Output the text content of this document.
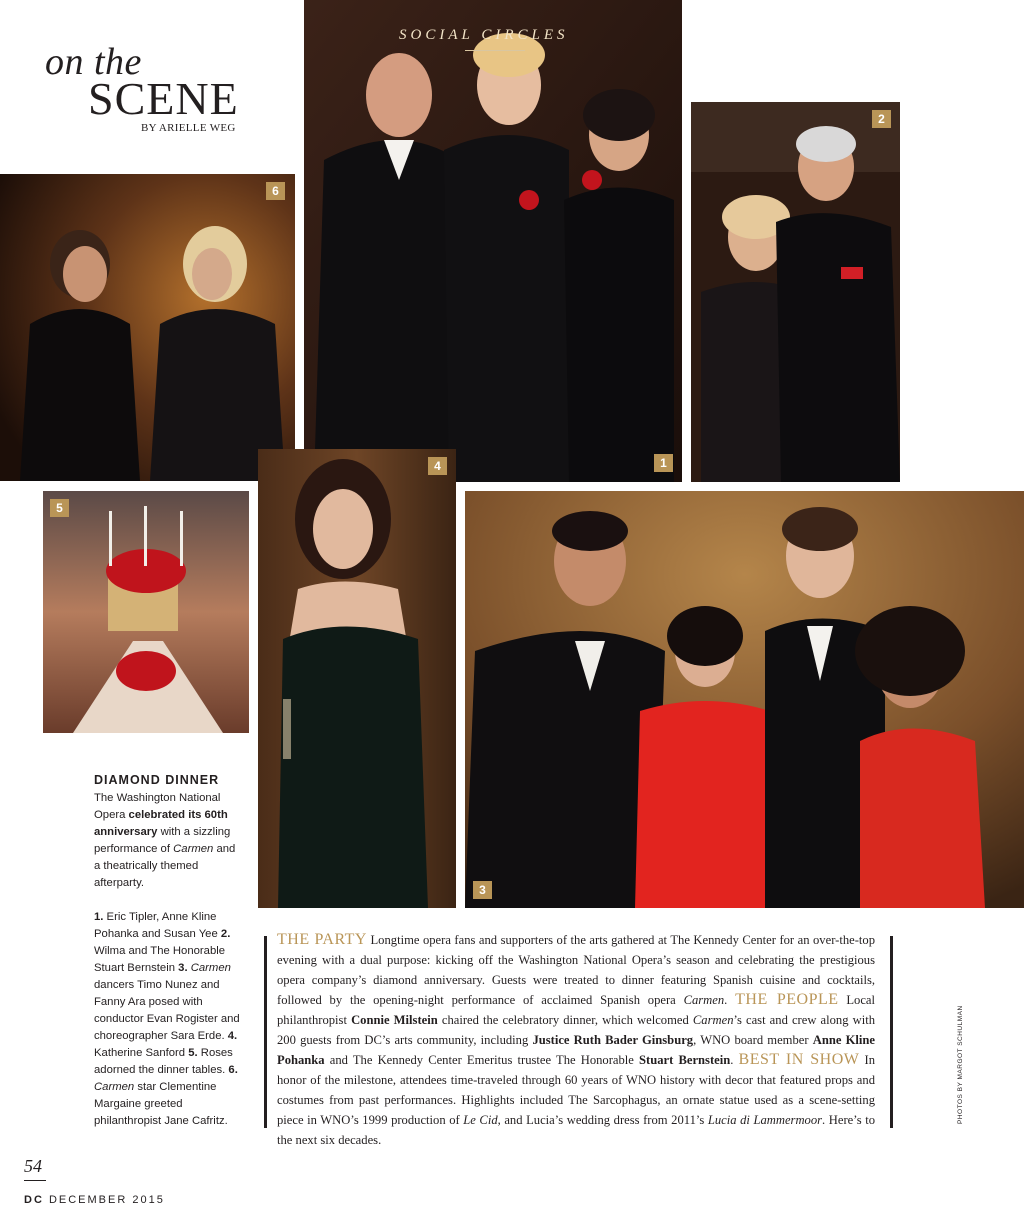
on the
SCENE
BY ARIELLE WEG
6
SOCIAL CIRCLES
1
2
5
4
3
DIAMOND DINNER
The Washington National Opera celebrated its 60th anniversary with a sizzling performance of Carmen and a theatrically themed afterparty.
1. Eric Tipler, Anne Kline Pohanka and Susan Yee 2. Wilma and The Honorable Stuart Bernstein 3. Carmen dancers Timo Nunez and Fanny Ara posed with conductor Evan Rogister and choreographer Sara Erde. 4. Katherine Sanford 5. Roses adorned the dinner tables. 6. Carmen star Clementine Margaine greeted philanthropist Jane Cafritz.
THE PARTY Longtime opera fans and supporters of the arts gathered at The Kennedy Center for an over-the-top evening with a dual purpose: kicking off the Washington National Opera’s season and celebrating the prestigious opera company’s diamond anniversary. Guests were treated to dinner featuring Spanish cuisine and cocktails, followed by the opening-night performance of acclaimed Spanish opera Carmen. THE PEOPLE Local philanthropist Connie Milstein chaired the celebratory dinner, which welcomed Carmen’s cast and crew along with 200 guests from DC’s arts community, including Justice Ruth Bader Ginsburg, WNO board member Anne Kline Pohanka and The Kennedy Center Emeritus trustee The Honorable Stuart Bernstein. BEST IN SHOW In honor of the milestone, attendees time-traveled through 60 years of WNO history with decor that featured props and costumes from past performances. Highlights included The Sarcophagus, an ornate statue used as a scene-setting piece in WNO’s 1999 production of Le Cid, and Lucia’s wedding dress from 2011’s Lucia di Lammermoor. Here’s to the next six decades.
PHOTOS BY MARGOT SCHULMAN
54
DC DECEMBER 2015
